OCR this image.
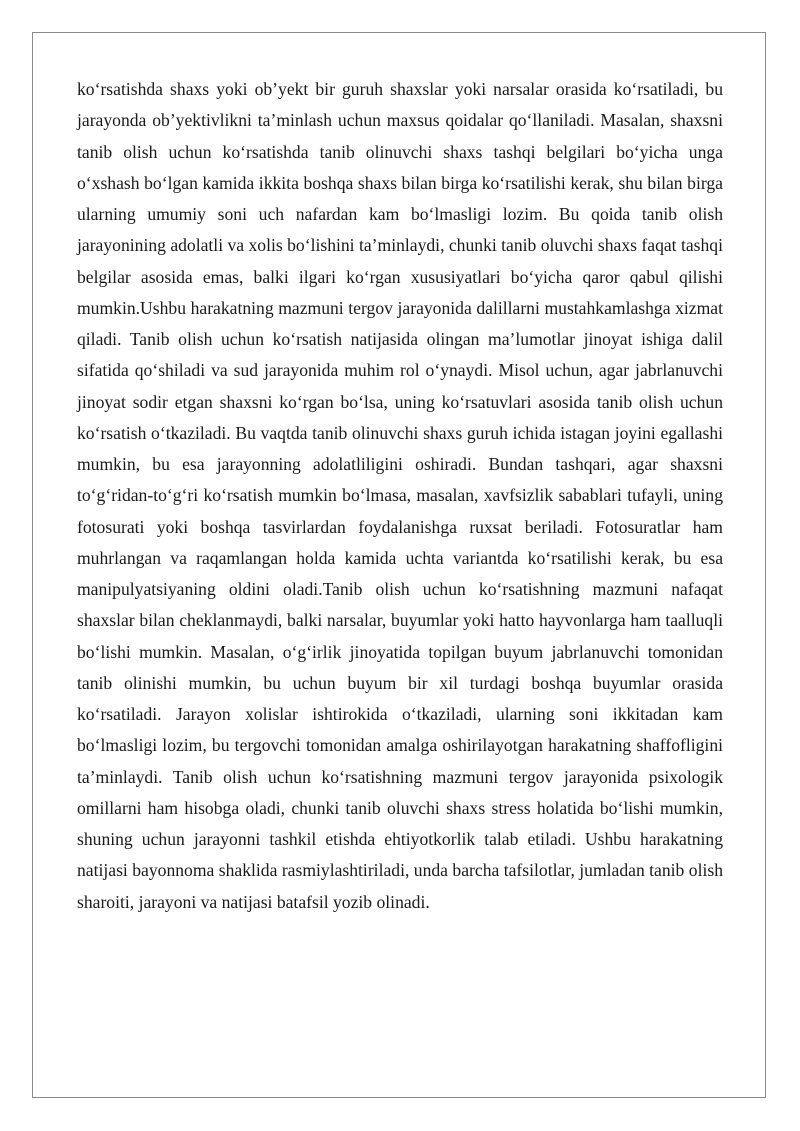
ko‘rsatishda shaxs yoki ob’yekt bir guruh shaxslar yoki narsalar orasida ko‘rsatiladi, bu jarayonda ob’yektivlikni ta’minlash uchun maxsus qoidalar qo‘llaniladi. Masalan, shaxsni tanib olish uchun ko‘rsatishda tanib olinuvchi shaxs tashqi belgilari bo‘yicha unga o‘xshash bo‘lgan kamida ikkita boshqa shaxs bilan birga ko‘rsatilishi kerak, shu bilan birga ularning umumiy soni uch nafardan kam bo‘lmasligi lozim. Bu qoida tanib olish jarayonining adolatli va xolis bo‘lishini ta’minlaydi, chunki tanib oluvchi shaxs faqat tashqi belgilar asosida emas, balki ilgari ko‘rgan xususiyatlari bo‘yicha qaror qabul qilishi mumkin.Ushbu harakatning mazmuni tergov jarayonida dalillarni mustahkamlashga xizmat qiladi. Tanib olish uchun ko‘rsatish natijasida olingan ma’lumotlar jinoyat ishiga dalil sifatida qo‘shiladi va sud jarayonida muhim rol o‘ynaydi. Misol uchun, agar jabrlanuvchi jinoyat sodir etgan shaxsni ko‘rgan bo‘lsa, uning ko‘rsatuvlari asosida tanib olish uchun ko‘rsatish o‘tkaziladi. Bu vaqtda tanib olinuvchi shaxs guruh ichida istagan joyini egallashi mumkin, bu esa jarayonning adolatliligini oshiradi. Bundan tashqari, agar shaxsni to‘g‘ridan-to‘g‘ri ko‘rsatish mumkin bo‘lmasa, masalan, xavfsizlik sabablari tufayli, uning fotosurati yoki boshqa tasvirlardan foydalanishga ruxsat beriladi. Fotosuratlar ham muhrlangan va raqamlangan holda kamida uchta variantda ko‘rsatilishi kerak, bu esa manipulyatsiyaning oldini oladi.Tanib olish uchun ko‘rsatishning mazmuni nafaqat shaxslar bilan cheklanmaydi, balki narsalar, buyumlar yoki hatto hayvonlarga ham taalluqli bo‘lishi mumkin. Masalan, o‘g‘irlik jinoyatida topilgan buyum jabrlanuvchi tomonidan tanib olinishi mumkin, bu uchun buyum bir xil turdagi boshqa buyumlar orasida ko‘rsatiladi. Jarayon xolislar ishtirokida o‘tkaziladi, ularning soni ikkitadan kam bo‘lmasligi lozim, bu tergovchi tomonidan amalga oshirilayotgan harakatning shaffofligini ta’minlaydi. Tanib olish uchun ko‘rsatishning mazmuni tergov jarayonida psixologik omillarni ham hisobga oladi, chunki tanib oluvchi shaxs stress holatida bo‘lishi mumkin, shuning uchun jarayonni tashkil etishda ehtiyotkorlik talab etiladi. Ushbu harakatning natijasi bayonnoma shaklida rasmiylashtiriladi, unda barcha tafsilotlar, jumladan tanib olish sharoiti, jarayoni va natijasi batafsil yozib olinadi.
